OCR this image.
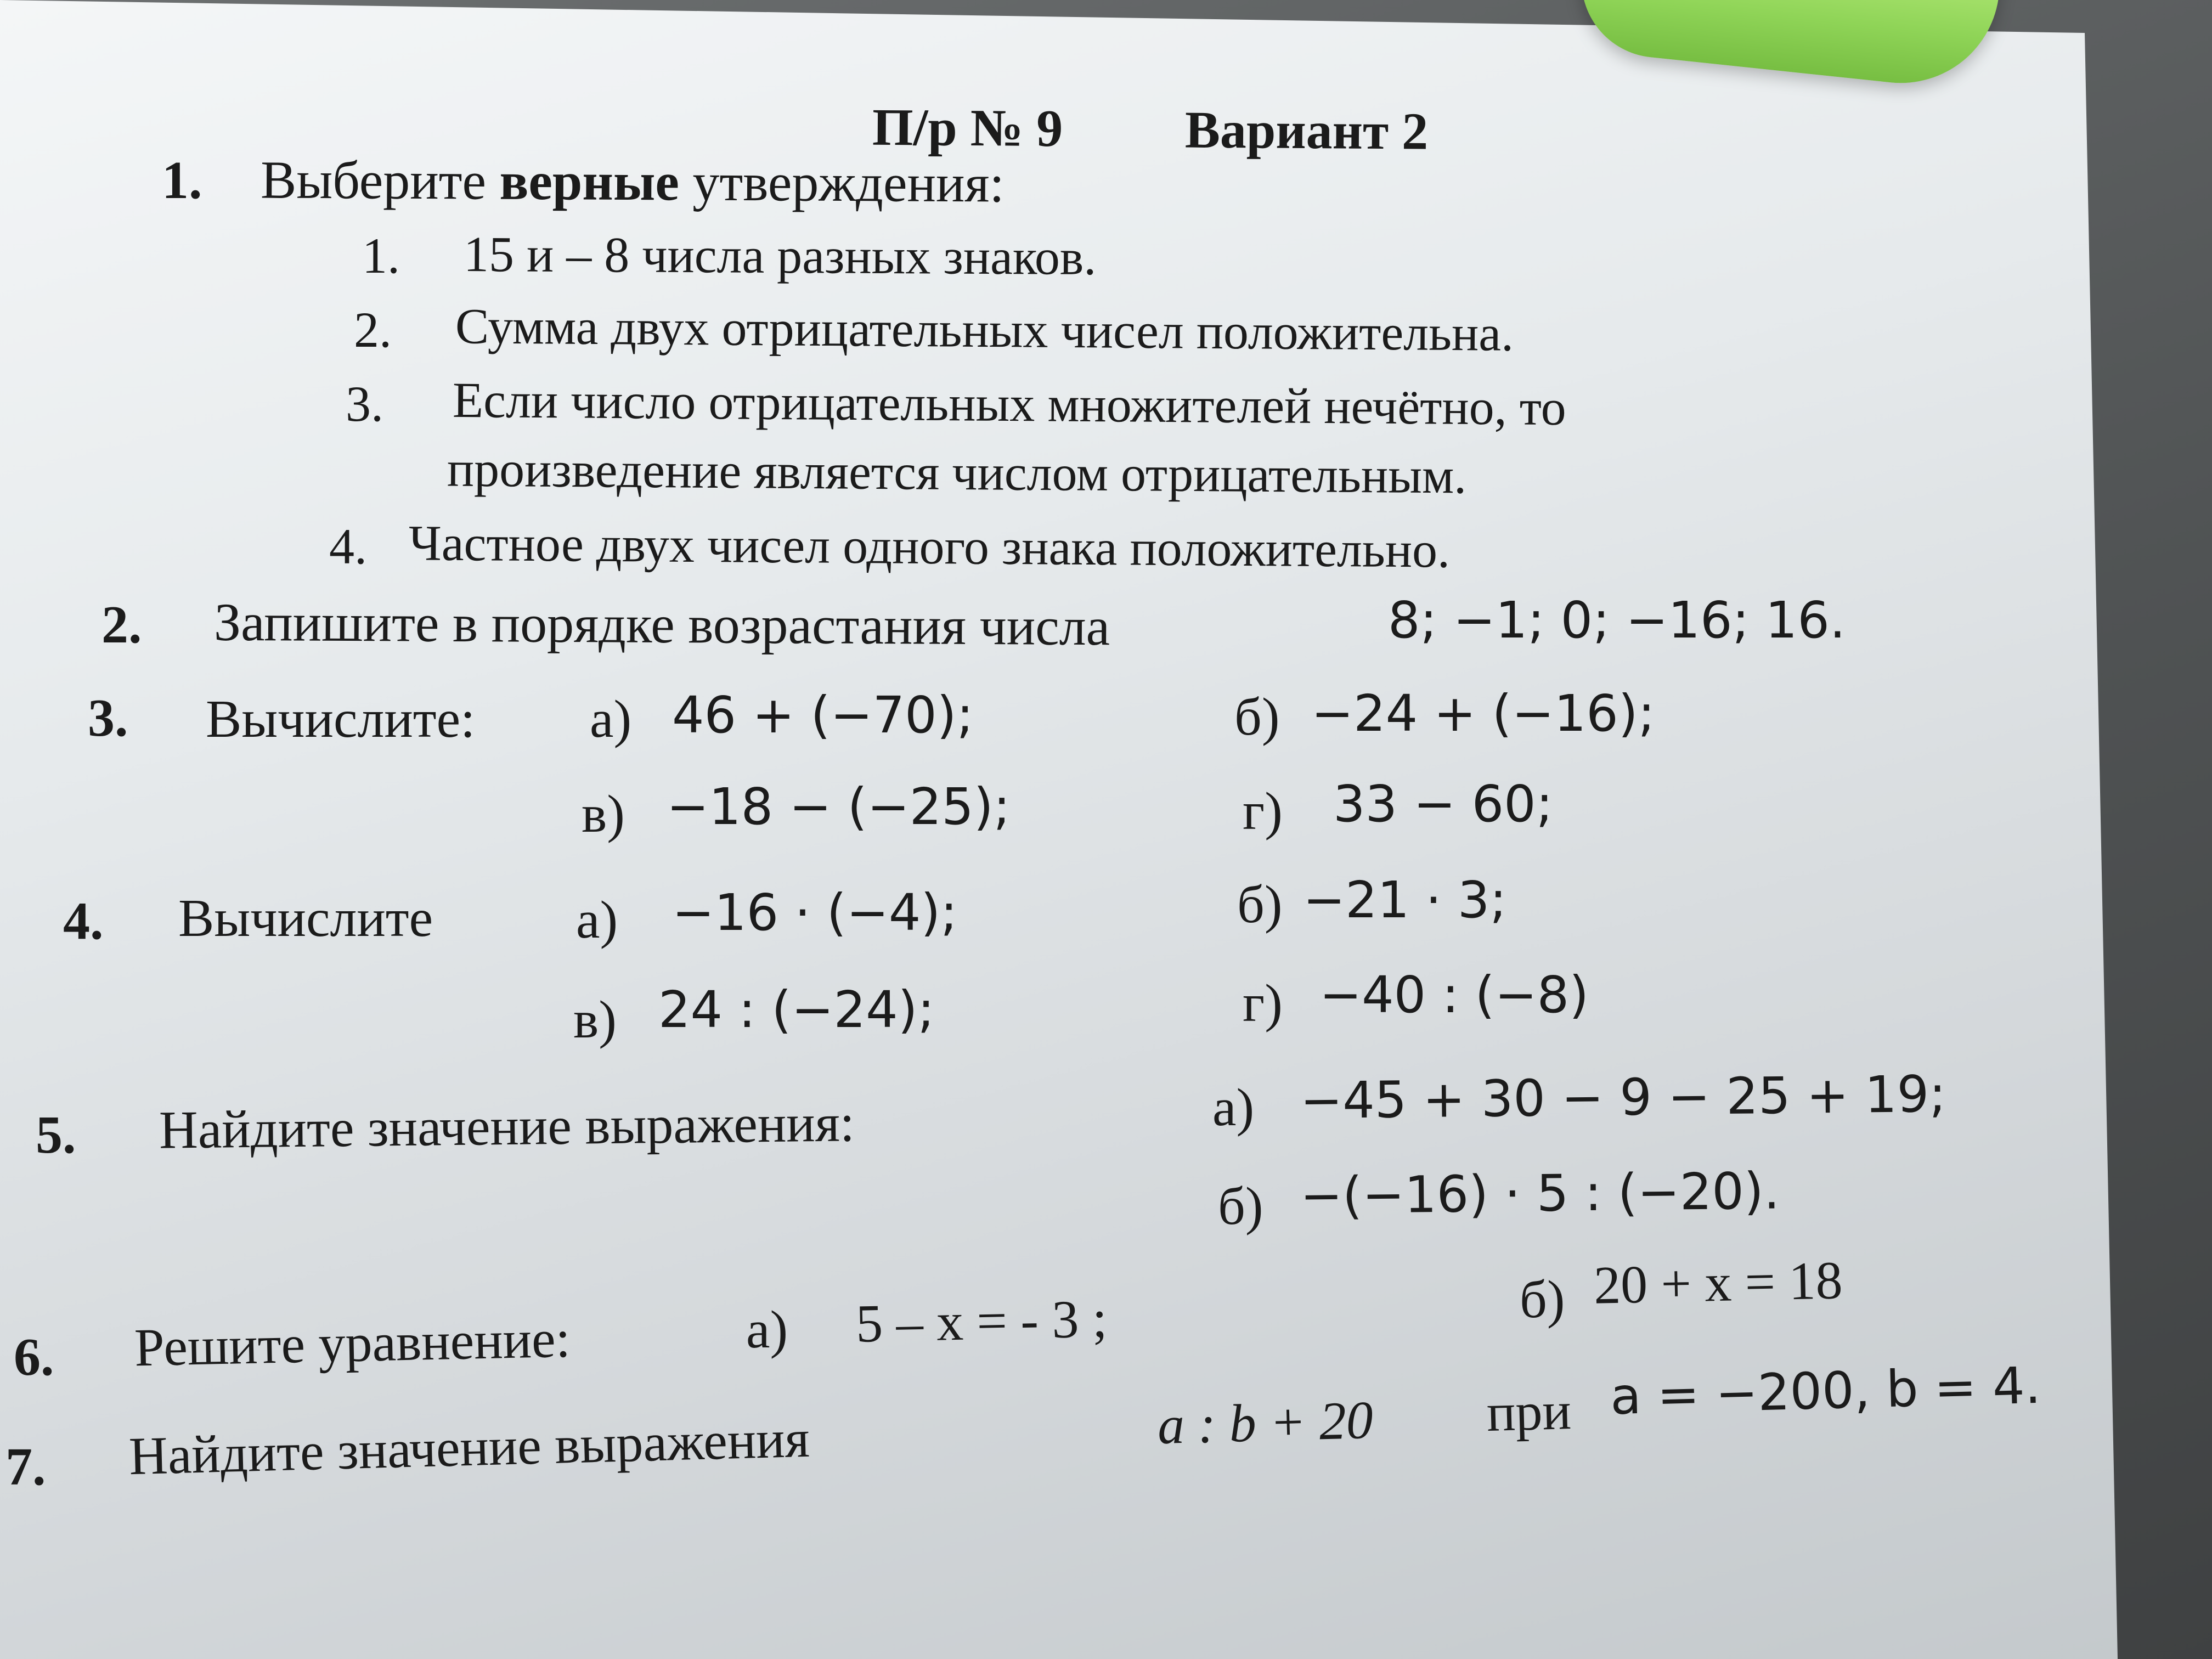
П/р № 9 Вариант 2
1. Выберите верные утверждения:
1. 15 и – 8 числа разных знаков.
2. Сумма двух отрицательных чисел положительна.
3. Если число отрицательных множителей нечётно, то
произведение является числом отрицательным.
4. Частное двух чисел одного знака положительно.
2. Запишите в порядке возрастания числа	8; −1; 0; −16; 16.
3. Вычислите: а) 46 + (−70);	б) −24 + (−16);
в) −18 − (−25);	г) 33 − 60;
4. Вычислите	а) −16 · (−4);	б) −21 · 3;
в) 24 : (−24);	г) −40 : (−8)
5. Найдите значение выражения:	а) −45 + 30 − 9 − 25 + 19;
б) −(−16) · 5 : (−20).
6. Решите уравнение:	а) 5 – х = - 3 ;	б) 20 + х = 18
7. Найдите значение выражения	a : b + 20 при a = −200, b = 4.
